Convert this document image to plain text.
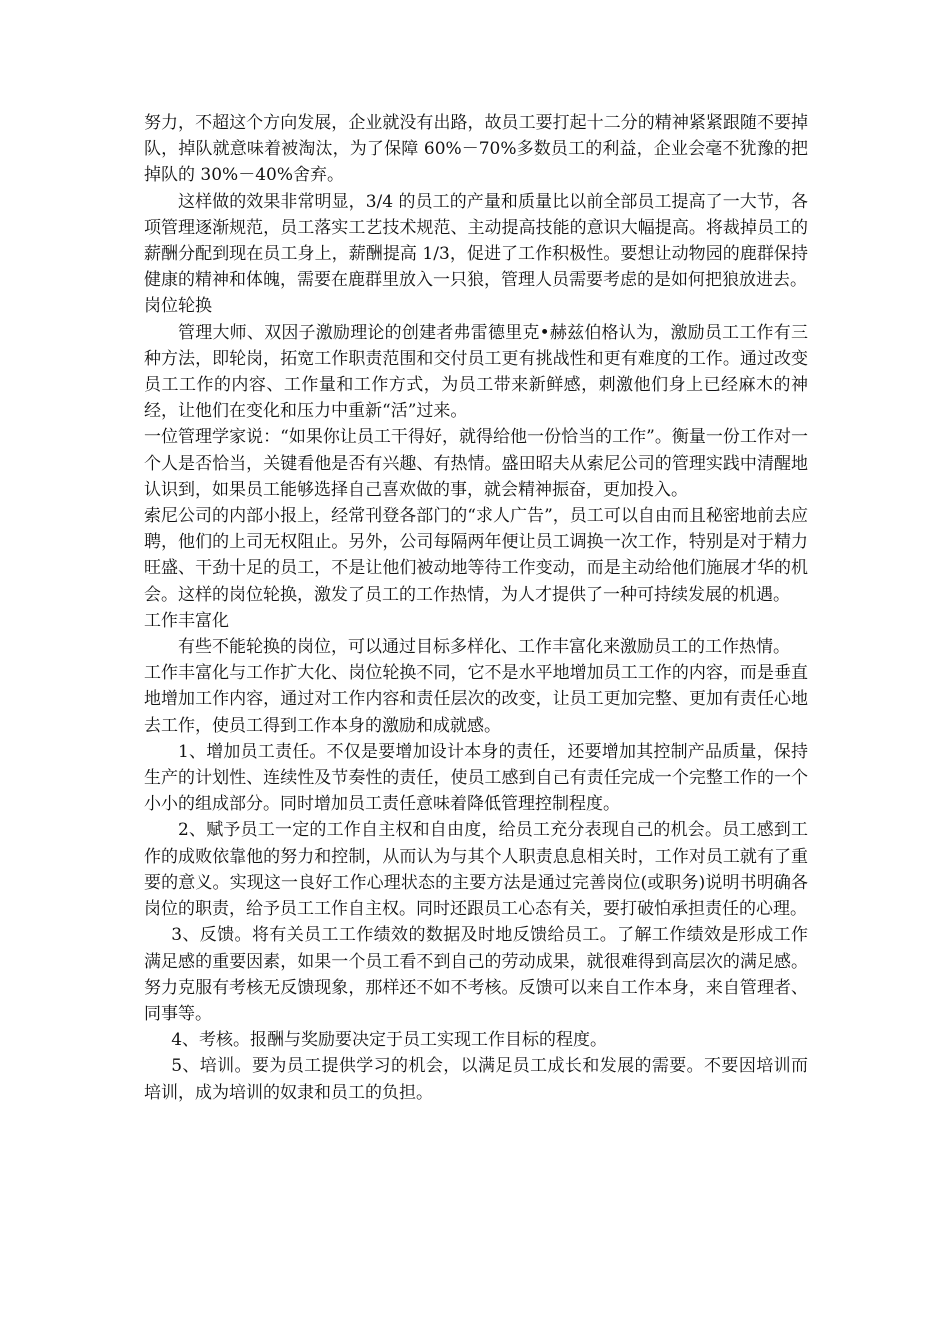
努力，不超这个方向发展，企业就没有出路，故员工要打起十二分的精神紧紧跟随不要掉队，掉队就意味着被淘汰，为了保障 60%－70%多数员工的利益，企业会毫不犹豫的把掉队的 30%－40%舍弃。

这样做的效果非常明显，3/4 的员工的产量和质量比以前全部员工提高了一大节，各项管理逐渐规范，员工落实工艺技术规范、主动提高技能的意识大幅提高。将裁掉员工的薪酬分配到现在员工身上，薪酬提高 1/3，促进了工作积极性。要想让动物园的鹿群保持健康的精神和体魄，需要在鹿群里放入一只狼，管理人员需要考虑的是如何把狼放进去。

岗位轮换

管理大师、双因子激励理论的创建者弗雷德里克•赫兹伯格认为，激励员工工作有三种方法，即轮岗，拓宽工作职责范围和交付员工更有挑战性和更有难度的工作。通过改变员工工作的内容、工作量和工作方式，为员工带来新鲜感，刺激他们身上已经麻木的神经，让他们在变化和压力中重新“活”过来。

一位管理学家说：“如果你让员工干得好，就得给他一份恰当的工作”。衡量一份工作对一个人是否恰当，关键看他是否有兴趣、有热情。盛田昭夫从索尼公司的管理实践中清醒地认识到，如果员工能够选择自己喜欢做的事，就会精神振奋，更加投入。

索尼公司的内部小报上，经常刊登各部门的“求人广告”，员工可以自由而且秘密地前去应聘，他们的上司无权阻止。另外，公司每隔两年便让员工调换一次工作，特别是对于精力旺盛、干劲十足的员工，不是让他们被动地等待工作变动，而是主动给他们施展才华的机会。这样的岗位轮换，激发了员工的工作热情，为人才提供了一种可持续发展的机遇。

工作丰富化

有些不能轮换的岗位，可以通过目标多样化、工作丰富化来激励员工的工作热情。

工作丰富化与工作扩大化、岗位轮换不同，它不是水平地增加员工工作的内容，而是垂直地增加工作内容，通过对工作内容和责任层次的改变，让员工更加完整、更加有责任心地去工作，使员工得到工作本身的激励和成就感。

1、增加员工责任。不仅是要增加设计本身的责任，还要增加其控制产品质量，保持生产的计划性、连续性及节奏性的责任，使员工感到自己有责任完成一个完整工作的一个小小的组成部分。同时增加员工责任意味着降低管理控制程度。

2、赋予员工一定的工作自主权和自由度，给员工充分表现自己的机会。员工感到工作的成败依靠他的努力和控制，从而认为与其个人职责息息相关时，工作对员工就有了重要的意义。实现这一良好工作心理状态的主要方法是通过完善岗位(或职务)说明书明确各岗位的职责，给予员工工作自主权。同时还跟员工心态有关，要打破怕承担责任的心理。

3、反馈。将有关员工工作绩效的数据及时地反馈给员工。了解工作绩效是形成工作满足感的重要因素，如果一个员工看不到自己的劳动成果，就很难得到高层次的满足感。努力克服有考核无反馈现象，那样还不如不考核。反馈可以来自工作本身，来自管理者、同事等。

4、考核。报酬与奖励要决定于员工实现工作目标的程度。

5、培训。要为员工提供学习的机会，以满足员工成长和发展的需要。不要因培训而培训，成为培训的奴隶和员工的负担。
